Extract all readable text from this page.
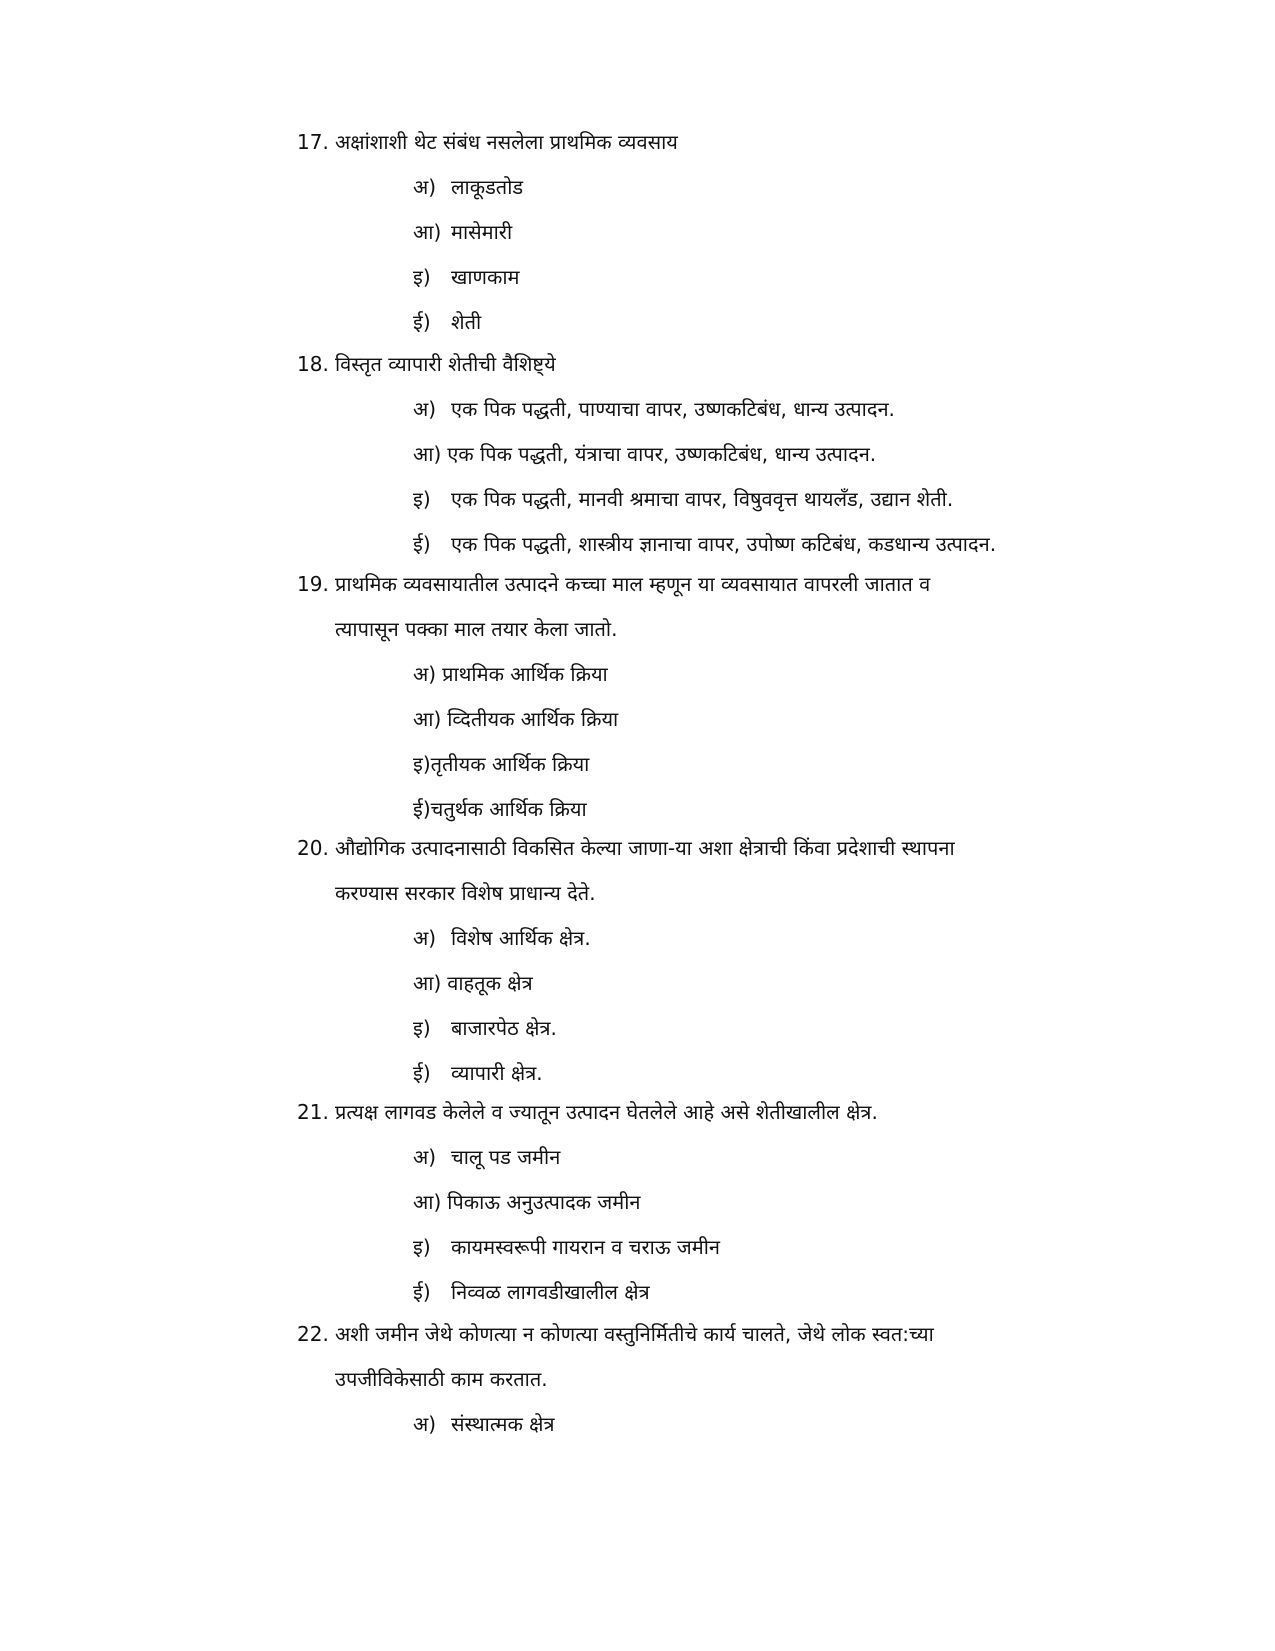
17. अक्षांशाशी थेट संबंध नसलेला प्राथमिक व्यवसाय
अ) लाकूडतोड
आ) मासेमारी
इ) खाणकाम
ई) शेती
18. विस्तृत व्यापारी शेतीची वैशिष्ट्ये
अ) एक पिक पद्धती, पाण्याचा वापर, उष्णकटिबंध, धान्य उत्पादन.
आ) एक पिक पद्धती, यंत्राचा वापर, उष्णकटिबंध, धान्य उत्पादन.
इ) एक पिक पद्धती, मानवी श्रमाचा वापर, विषुववृत्त थायलँड, उद्यान शेती.
ई) एक पिक पद्धती, शास्त्रीय ज्ञानाचा वापर, उपोष्ण कटिबंध, कडधान्य उत्पादन.
19. प्राथमिक व्यवसायातील उत्पादने कच्चा माल म्हणून या व्यवसायात वापरली जातात व
त्यापासून पक्का माल तयार केला जातो.
अ) प्राथमिक आर्थिक क्रिया
आ) व्दितीयक आर्थिक क्रिया
इ)तृतीयक आर्थिक क्रिया
ई)चतुर्थक आर्थिक क्रिया
20. औद्योगिक उत्पादनासाठी विकसित केल्या जाणा-या अशा क्षेत्राची किंवा प्रदेशाची स्थापना
करण्यास सरकार विशेष प्राधान्य देते.
अ) विशेष आर्थिक क्षेत्र.
आ) वाहतूक क्षेत्र
इ) बाजारपेठ क्षेत्र.
ई) व्यापारी क्षेत्र.
21. प्रत्यक्ष लागवड केलेले व ज्यातून उत्पादन घेतलेले आहे असे शेतीखालील क्षेत्र.
अ) चालू पड जमीन
आ) पिकाऊ अनुउत्पादक जमीन
इ) कायमस्वरूपी गायरान व चराऊ जमीन
ई) निव्वळ लागवडीखालील क्षेत्र
22. अशी जमीन जेथे कोणत्या न कोणत्या वस्तुनिर्मितीचे कार्य चालते, जेथे लोक स्वत:च्या
उपजीविकेसाठी काम करतात.
अ) संस्थात्मक क्षेत्र
